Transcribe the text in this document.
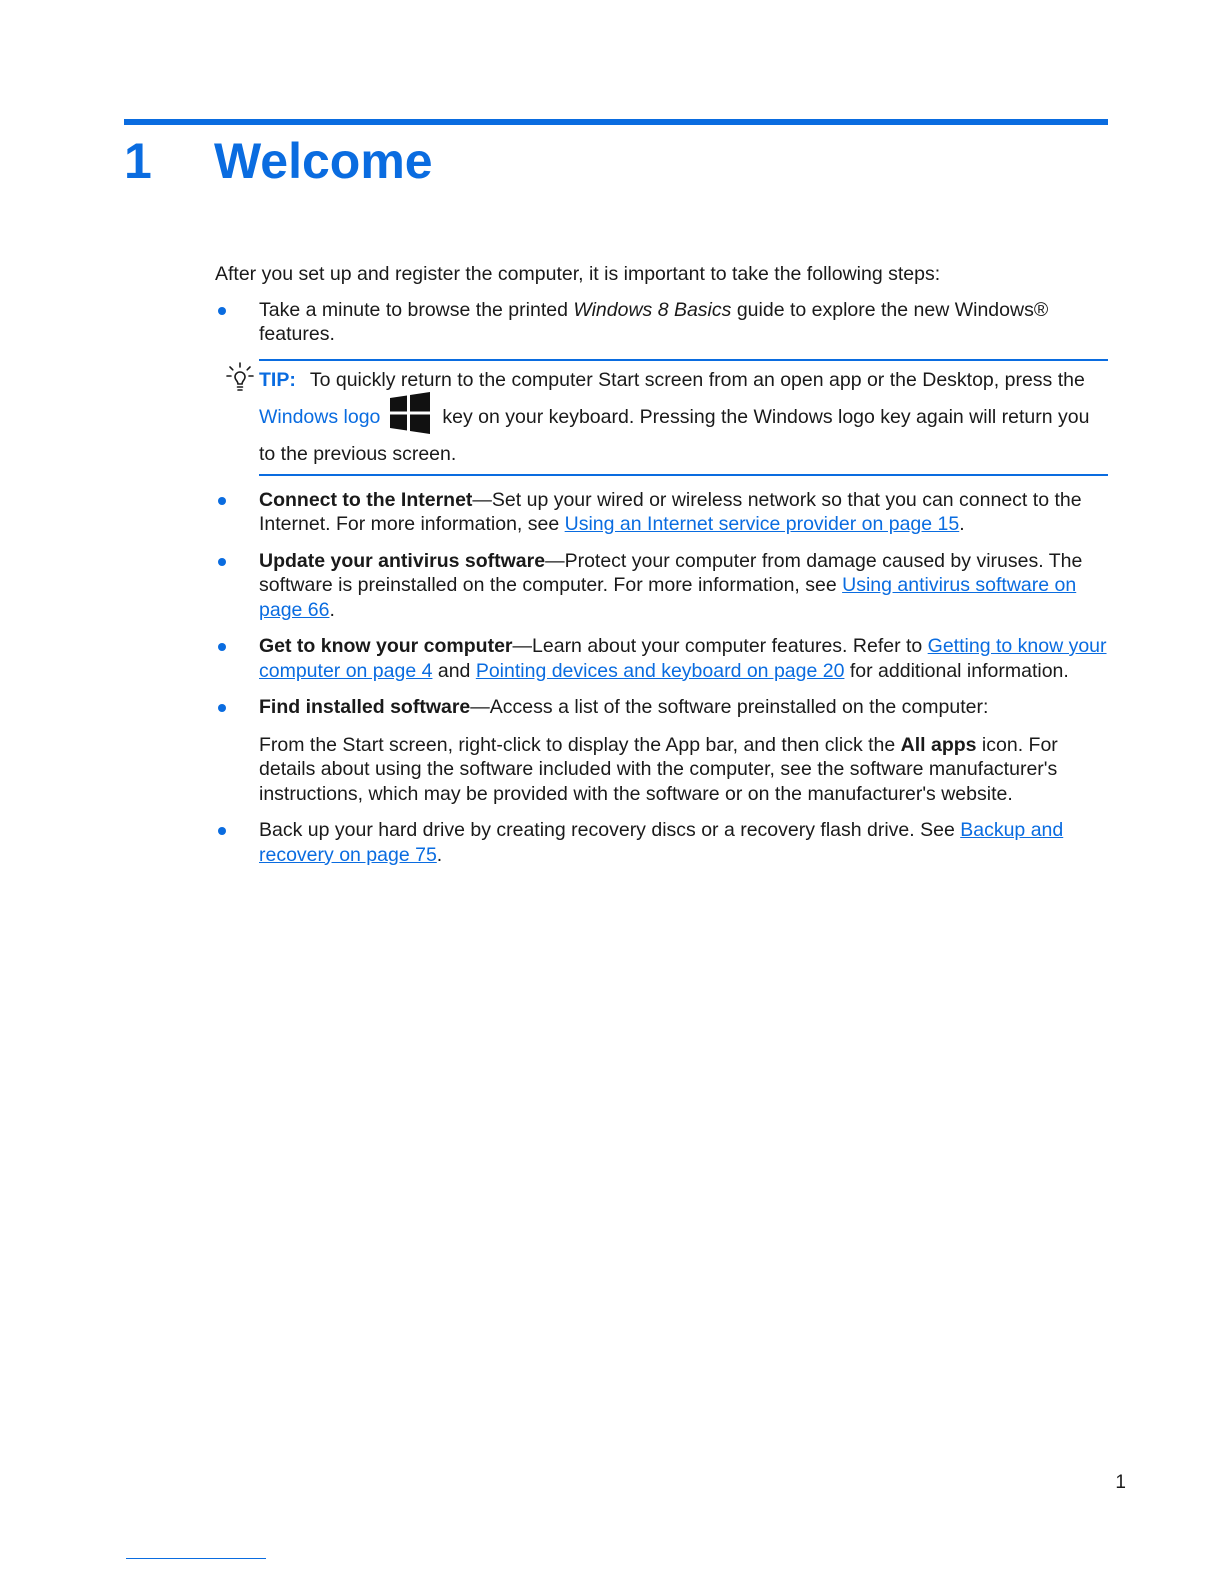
1 Welcome

After you set up and register the computer, it is important to take the following steps:

Take a minute to browse the printed Windows 8 Basics guide to explore the new Windows® features.

TIP: To quickly return to the computer Start screen from an open app or the Desktop, press the Windows logo	key on your keyboard. Pressing the Windows logo key again will return you to the previous screen.

Connect to the Internet—Set up your wired or wireless network so that you can connect to the Internet. For more information, see Using an Internet service provider on page 15.

Update your antivirus software—Protect your computer from damage caused by viruses. The software is preinstalled on the computer. For more information, see Using antivirus software on page 66.

Get to know your computer—Learn about your computer features. Refer to Getting to know your computer on page 4 and Pointing devices and keyboard on page 20 for additional information.

Find installed software—Access a list of the software preinstalled on the computer:

From the Start screen, right-click to display the App bar, and then click the All apps icon. For details about using the software included with the computer, see the software manufacturer's instructions, which may be provided with the software or on the manufacturer's website.

Back up your hard drive by creating recovery discs or a recovery flash drive. See Backup and recovery on page 75.

1
